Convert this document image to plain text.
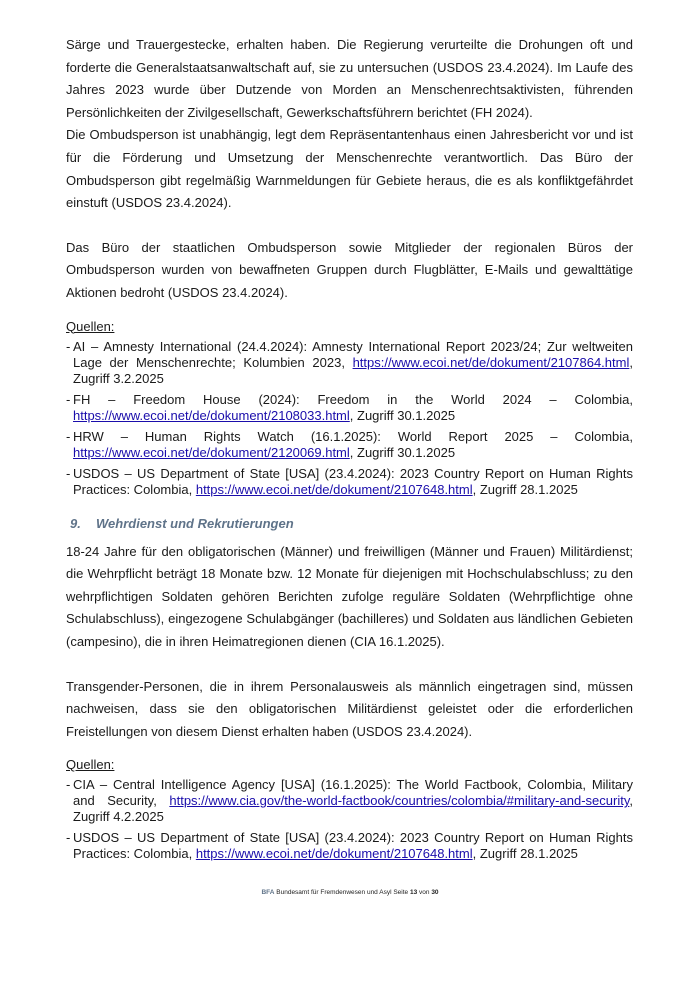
Särge und Trauergestecke, erhalten haben. Die Regierung verurteilte die Drohungen oft und forderte die Generalstaatsanwaltschaft auf, sie zu untersuchen (USDOS 23.4.2024). Im Laufe des Jahres 2023 wurde über Dutzende von Morden an Menschenrechtsaktivisten, führenden Persönlichkeiten der Zivilgesellschaft, Gewerkschaftsführern berichtet (FH 2024).

Die Ombudsperson ist unabhängig, legt dem Repräsentantenhaus einen Jahresbericht vor und ist für die Förderung und Umsetzung der Menschenrechte verantwortlich. Das Büro der Ombudsperson gibt regelmäßig Warnmeldungen für Gebiete heraus, die es als konfliktgefährdet einstuft (USDOS 23.4.2024).

Das Büro der staatlichen Ombudsperson sowie Mitglieder der regionalen Büros der Ombudsperson wurden von bewaffneten Gruppen durch Flugblätter, E-Mails und gewalttätige Aktionen bedroht (USDOS 23.4.2024).

Quellen:

- AI – Amnesty International (24.4.2024): Amnesty International Report 2023/24; Zur weltweiten Lage der Menschenrechte; Kolumbien 2023, https://www.ecoi.net/de/dokument/2107864.html, Zugriff 3.2.2025
- FH – Freedom House (2024): Freedom in the World 2024 – Colombia, https://www.ecoi.net/de/dokument/2108033.html, Zugriff 30.1.2025
- HRW – Human Rights Watch (16.1.2025): World Report 2025 – Colombia, https://www.ecoi.net/de/dokument/2120069.html, Zugriff 30.1.2025
- USDOS – US Department of State [USA] (23.4.2024): 2023 Country Report on Human Rights Practices: Colombia, https://www.ecoi.net/de/dokument/2107648.html, Zugriff 28.1.2025
9. Wehrdienst und Rekrutierungen

18-24 Jahre für den obligatorischen (Männer) und freiwilligen (Männer und Frauen) Militärdienst; die Wehrpflicht beträgt 18 Monate bzw. 12 Monate für diejenigen mit Hochschulabschluss; zu den wehrpflichtigen Soldaten gehören Berichten zufolge reguläre Soldaten (Wehrpflichtige ohne Schulabschluss), eingezogene Schulabgänger (bachilleres) und Soldaten aus ländlichen Gebieten (campesino), die in ihren Heimatregionen dienen (CIA 16.1.2025).

Transgender-Personen, die in ihrem Personalausweis als männlich eingetragen sind, müssen nachweisen, dass sie den obligatorischen Militärdienst geleistet oder die erforderlichen Freistellungen von diesem Dienst erhalten haben (USDOS 23.4.2024).

Quellen:

- CIA – Central Intelligence Agency [USA] (16.1.2025): The World Factbook, Colombia, Military and Security, https://www.cia.gov/the-world-factbook/countries/colombia/#military-and-security, Zugriff 4.2.2025
- USDOS – US Department of State [USA] (23.4.2024): 2023 Country Report on Human Rights Practices: Colombia, https://www.ecoi.net/de/dokument/2107648.html, Zugriff 28.1.2025
BFA Bundesamt für Fremdenwesen und Asyl Seite 13 von 30
